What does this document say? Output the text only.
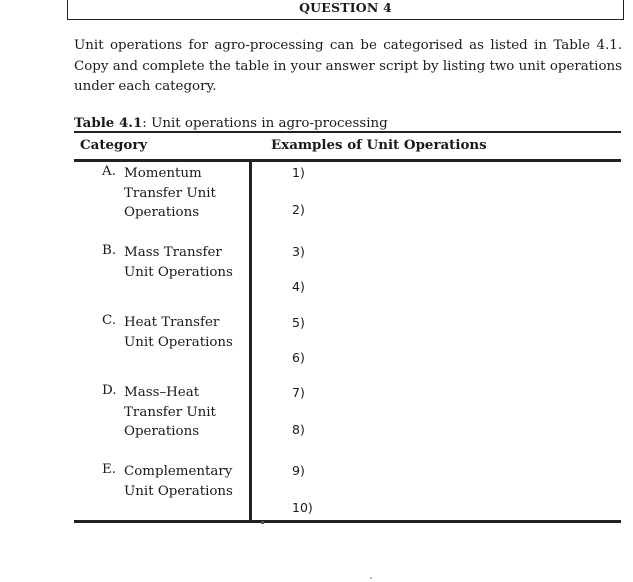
QUESTION 4
Unit operations for agro-processing can be categorised as listed in Table 4.1. Copy and complete the table in your answer script by listing two unit operations under each category.
Table 4.1: Unit operations in agro-processing
Category	Examples of Unit Operations
A. Momentum Transfer Unit Operations
1)
2)
B. Mass Transfer Unit Operations
3)
4)
C. Heat Transfer Unit Operations
5)
6)
D. Mass–Heat Transfer Unit Operations
7)
8)
E. Complementary Unit Operations
9)
10)
